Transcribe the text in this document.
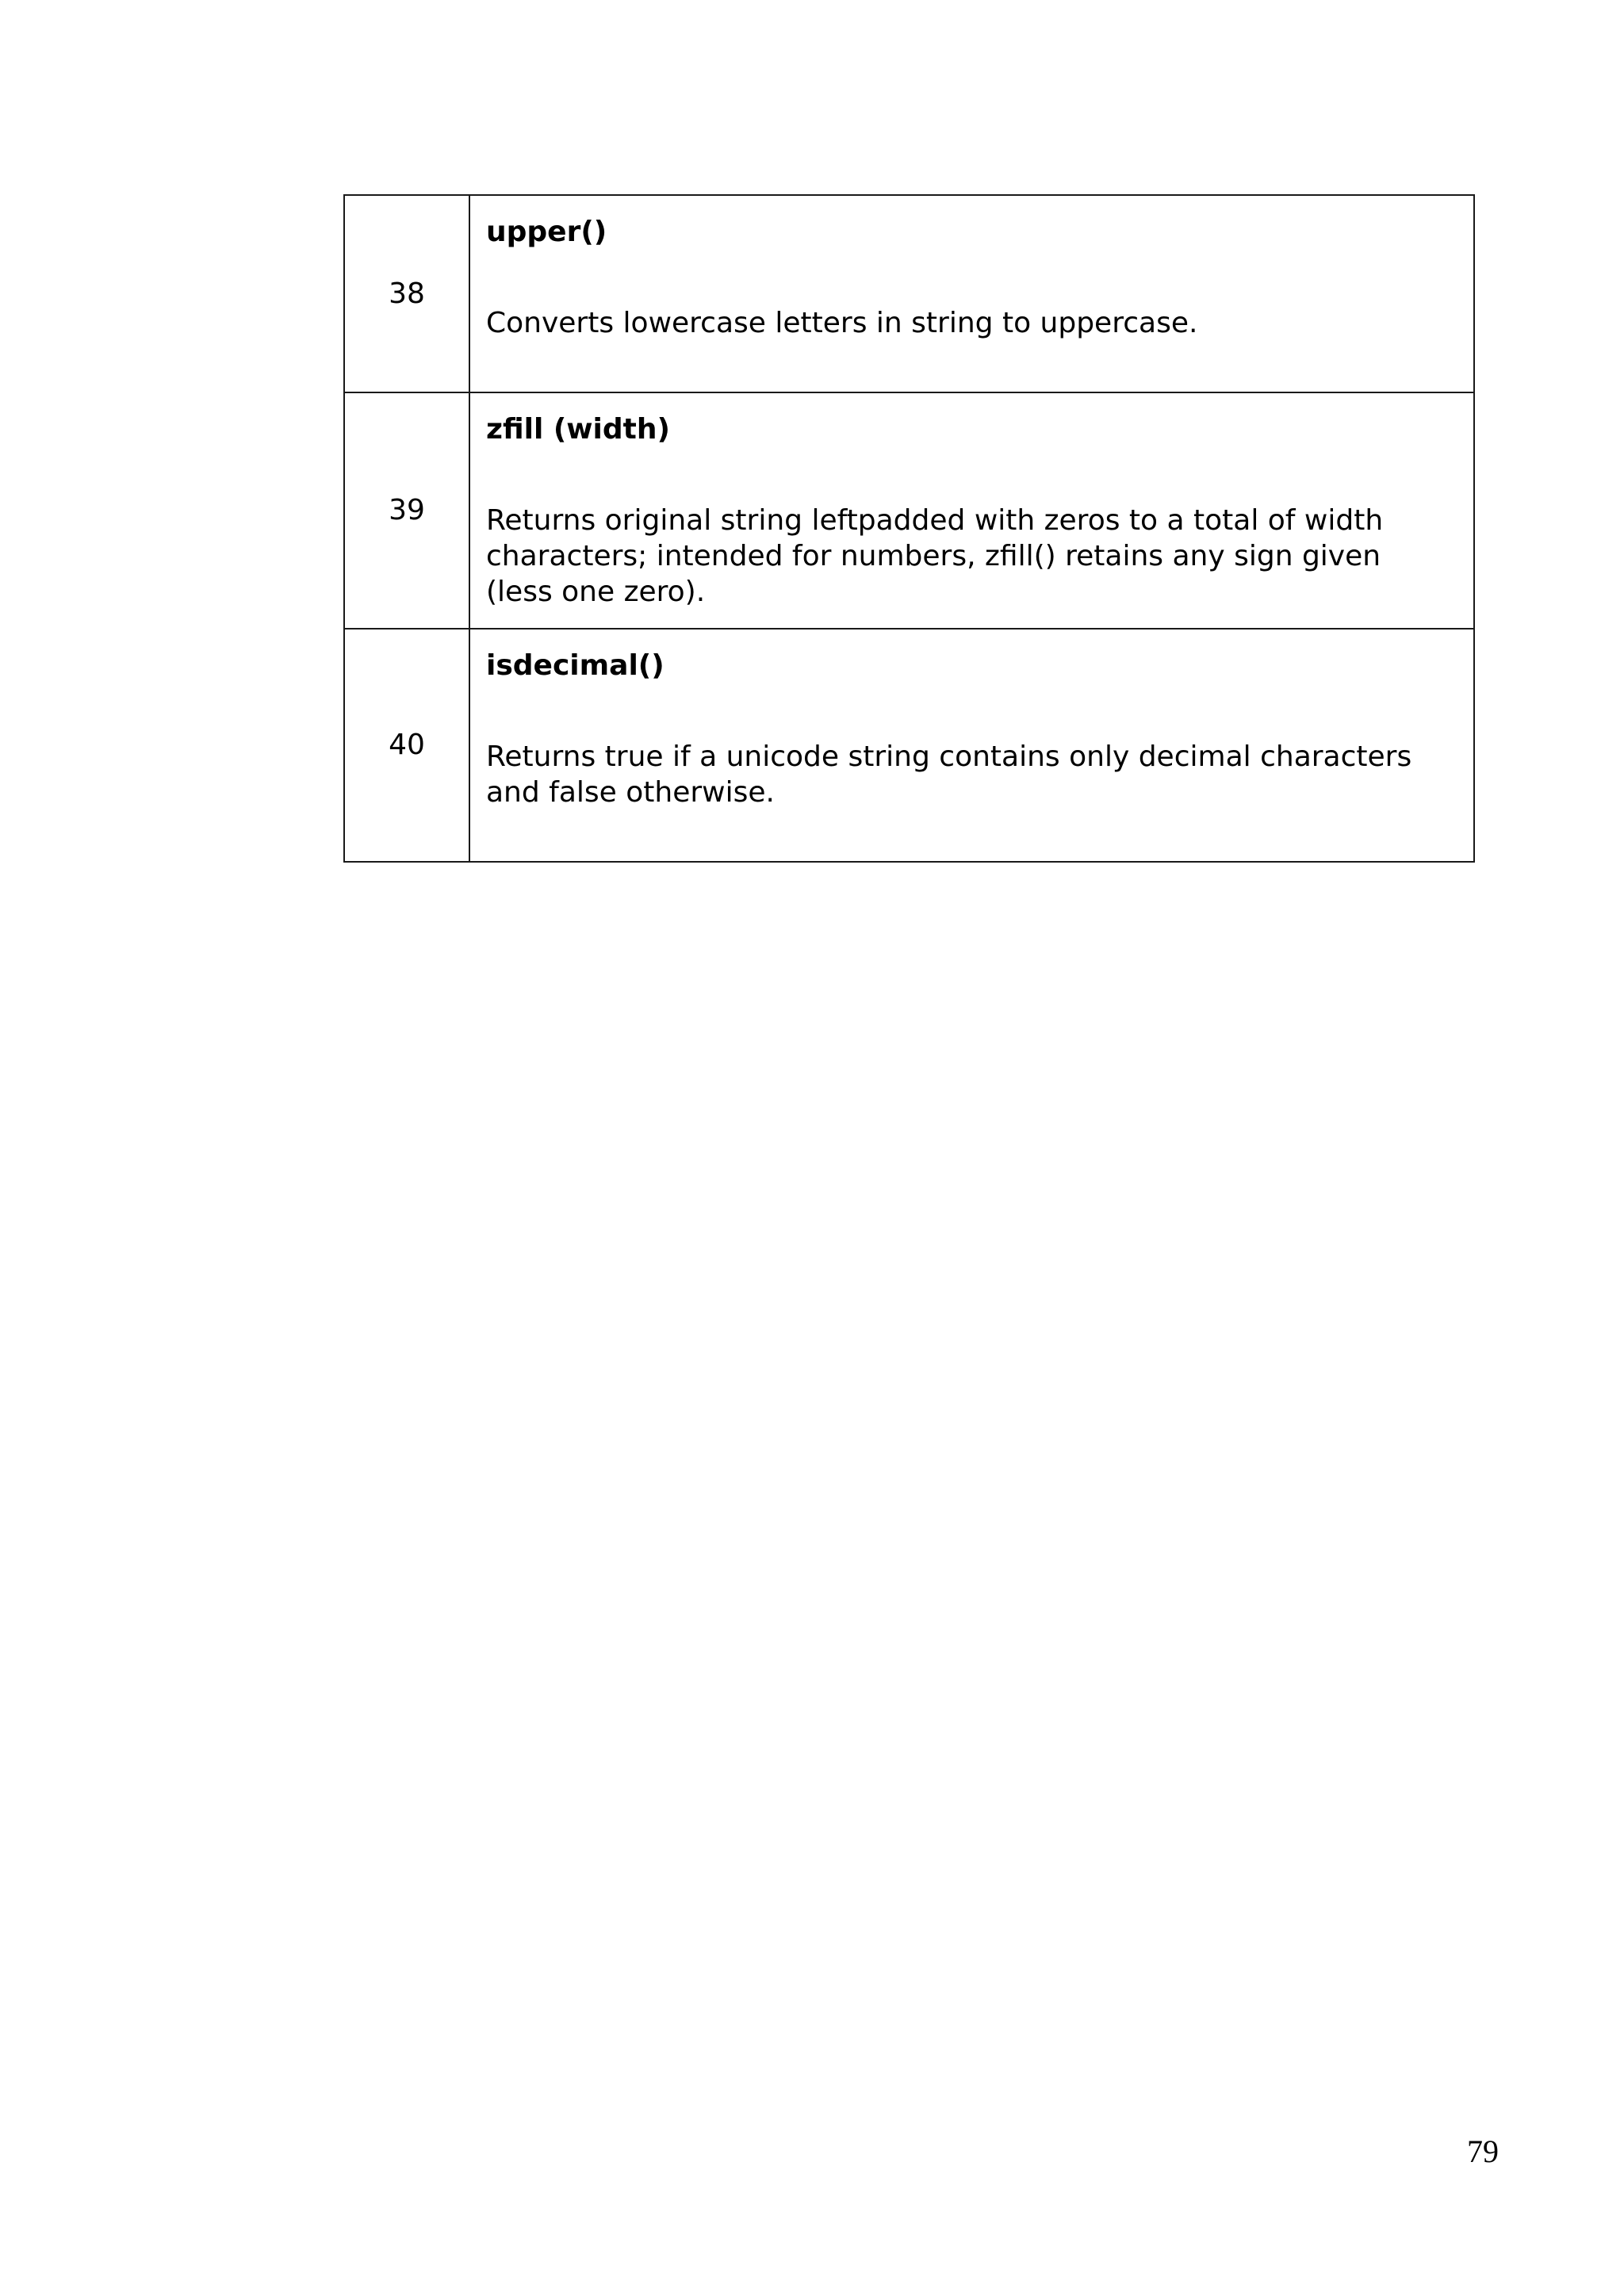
38	upper()

Converts lowercase letters in string to uppercase.

39	zfill (width)

Returns original string leftpadded with zeros to a total of width characters; intended for numbers, zfill() retains any sign given (less one zero).

40	isdecimal()

Returns true if a unicode string contains only decimal characters and false otherwise.

79
